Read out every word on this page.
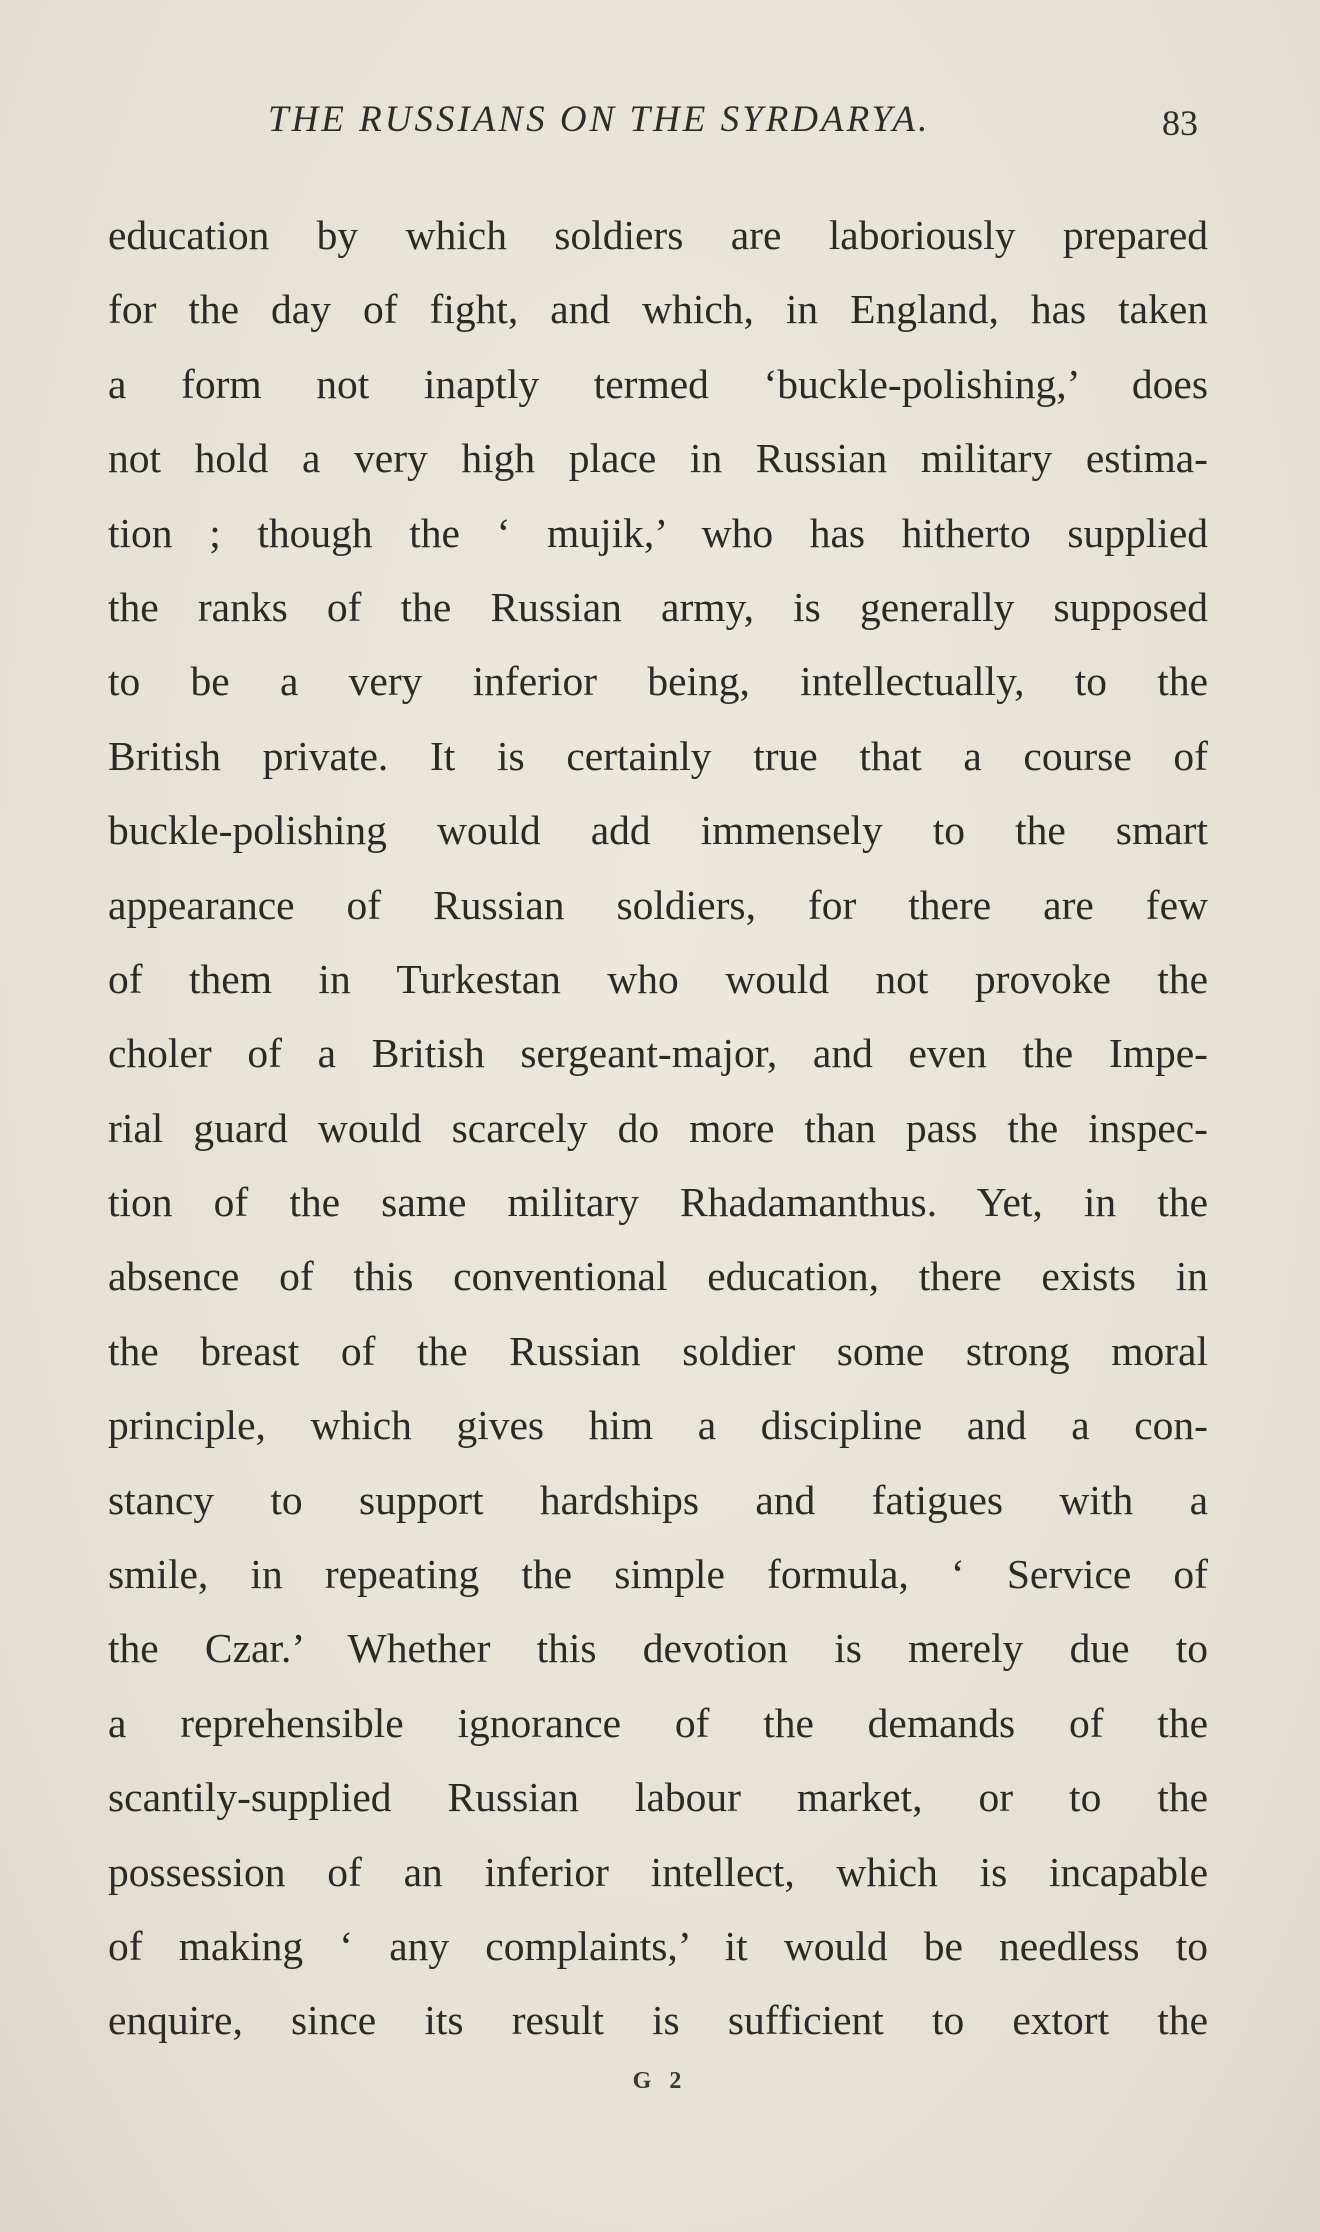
THE RUSSIANS ON THE SYRDARYA.	83
education by which soldiers are laboriously prepared
for the day of fight, and which, in England, has taken
a form not inaptly termed ‘buckle-polishing,’ does
not hold a very high place in Russian military estima-
tion ; though the ‘ mujik,’ who has hitherto supplied
the ranks of the Russian army, is generally supposed
to be a very inferior being, intellectually, to the
British private. It is certainly true that a course of
buckle-polishing would add immensely to the smart
appearance of Russian soldiers, for there are few
of them in Turkestan who would not provoke the
choler of a British sergeant-major, and even the Impe-
rial guard would scarcely do more than pass the inspec-
tion of the same military Rhadamanthus. Yet, in the
absence of this conventional education, there exists in
the breast of the Russian soldier some strong moral
principle, which gives him a discipline and a con-
stancy to support hardships and fatigues with a
smile, in repeating the simple formula, ‘ Service of
the Czar.’ Whether this devotion is merely due to
a reprehensible ignorance of the demands of the
scantily-supplied Russian labour market, or to the
possession of an inferior intellect, which is incapable
of making ‘ any complaints,’ it would be needless to
enquire, since its result is sufficient to extort the
G 2
